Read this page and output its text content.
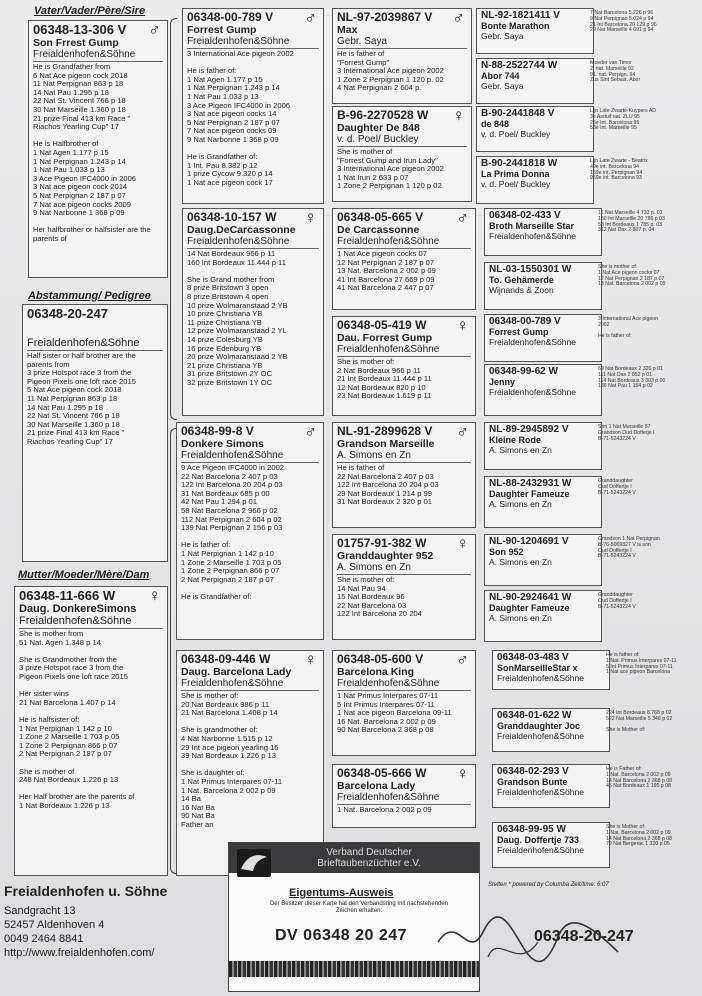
Vater/Vader/Père/Sire
Abstammung/ Pedigree
Mutter/Moeder/Mère/Dam
06348-13-306 V
Son Frrest Gump
Freialdenhofen&Söhne
♂
He is Grandfather from
6 Nat Ace pigeon cock 2018
11 Nat Perpignan 863 p 18
14 Nat Pau 1.295 p 18
22 Nat St. Vincent 766 p 18
30 Nat Marseille 1.360 p 18
21 prize Final 413 km Race "
Riachos Yearling Cup" 17

He is Halfbrother of
1 Nat Agen 1.177 p 15
1 Nat Perpignan 1.243 p 14
1 Nat Pau 1.033 p 13
3 Ace Pigeon IFC4000 in 2006
3 Nat ace pigeon cock 2014
5 Nat Perpignan 2 187 p 07
7 Nat ace pigeon cocks 2009
9 Nat Narbonne 1 368 p 09

Her halfbrother or halfsister are the
parents of
06348-20-247
Freialdenhofen&Söhne
Half sister or half brother are the
parents from
3 prize Hotspot race 3 from the
Pigeon Pixels one loft race 2015
5 Nat Ace pigeon cock 2018
11 Nat Perpignan 863 p 18
14 Nat Pau 1.295 p 18
22 Nat St. Vincent 766 p 18
30 Nat Marseille 1.360 p 18
21 prize Final 413 km Race "
Riachos Yearling Cup" 17
06348-11-666 W
Daug. DonkereSimons
Freialdenhofen&Söhne
♀
She is mother from
51 Nat. Agen 1.348 p 14

She is Grandmother from the
3 prize Hotspot race 3 from the
Pigeon Pixels one loft race 2015

Her sister wins
21 Nat Barcelona 1.407 p 14

He is halfsister of:
1 Nat Perpignan 1 142 p 10
1 Zone 2 Marseille 1 703 p 05
1 Zone 2 Perpignan 866 p 07
2 Nat Perpignan 2 187 p 07

She is mother of
248 Nat Bordeaux 1.226 p 13

Her Half brother are the parents of
1 Nat Bordeaux 1.226 p 13
06348-00-789 V
Forrest Gump
Freialdenhofen&Söhne
♂
3 International Ace pigeon 2002

He is father of:
1 Nat Agen 1.177 p 15
1 Nat Perpignan 1.243 p 14
1 Nat Pau 1.033 p 13
3 Ace Pigeon IFC4000 in 2006
3 Nat ace pigeon cocks 14
5 Nat Perpignan 2 187 p 07
7 Nat ace pigeon cocks 09
9 Nat Narbonne 1 368 p 09

He is Grandfather of:
1 Int. Pau 8.382 p 12
1 prize Cycow 9.320 p 14
1 Nat ace pigeon cock 17
06348-10-157 W
Daug.DeCarcassonne
Freialdenhofen&Söhne
♀
14 Nat Bordeaux 966 p 11
160 Int Bordeaux 11.444 p 11

She is Grand mother from
8 prize Britstown 3 open
8 prize Britstown 4 open
10 prize Wolmaranstaad 2 YB
10 prize Christiana YB
11 prize Christiana YB
12 prize Wolmaranstaad 2 YL
14 prize Colesburg YB
16 prize Edenburg YB
20 prize Wolmaranstaad 2 YB
21 prize Christiana YB
31 prize Britstown 2Y OC
32 prize Britstown 1Y OC
06348-99-8 V
Donkere Simons
Freialdenhofen&Söhne
♂
9 Ace Pigeon IFC4000 in 2002
22 Nat Barcelona 2 407 p 03
122 Int Barcelona 20 204 p 03
31 Nat Bordeaux 685 p 00
42 Nat Pau 1 294 p 01
58 Nat Barcelona 2 966 p 02
112 Nat Perpignan 2 604 p 02
139 Nat Perpignan 2 156 p 03

He is father of:
1 Nat Perpignan 1 142 p 10
1 Zone 2 Marseille 1 703 p 05
1 Zone 2 Perpignan 866 p 07
2 Nat Perpignan 2 187 p 07

He is Grandfather of:
06348-09-446 W
Daug. Barcelona Lady
Freialdenhofen&Söhne
♀
She is mother of:
20 Nat Bordeaux 986 p 11
21 Nat Barcelona 1.408 p 14

She is grandmother of:
4 Nat Narbonne 1.515 p 12
29 Int ace pigeon yearling 16
39 Nat Bordeaux 1.226 p 13

She is daughter of:
1 Nat Primus Interpares 07-11
1 Nat. Barcelona 2 002 p 09
14 Ba
16 Nat Ba
90 Nat Ba
Father an
NL-97-2039867 V
Max
Gebr. Saya
♂
He is father of
"Forrest Gump"
3 International Ace pigeon 2002
1 Zone 2 Perpignan 1 120 p. 02
4 Nat Perpignan 2 604 p.
B-96-2270528 W
Daughter De 848
v. d. Poel/ Buckley
♀
She is mother of
"Forrest Gump and Irun Lady"
3 International Ace pigeon 2002
1 Nat Irun 2 633 p 07
1 Zone 2 Perpignan 1 120 p 02
06348-05-665 V
De Carcassonne
Freialdenhofen&Söhne
♂
1 Nat Ace pigeon cocks 07
12 Nat Perpignan 2 187 p 07
13 Nat. Barcelona 2 002 p 09
41 Int Barcelona 27 669 p 09
41 Nat Barcelona 2 447 p 07
06348-05-419 W
Dau. Forrest Gump
Freialdenhofen&Söhne
♀
She is mother of:
2 Nat Bordeaux 966 p 11
21 Int Bordeaux 11.444 p 11
12 Nat Bordeaux 820 p 10
23 Nat Bordeaux 1.619 p 11
NL-91-2899628 V
Grandson Marseille
A. Simons en Zn
♂
He is father of
22 Nat Barcelona 2 407 p 03
122 Int Barcelona 20 204 p 03
29 Nat Bordeaux 1 214 p 99
31 Nat Bordeaux 2 320 p 01
01757-91-382 W
Granddaughter 952
A. Simons en Zn
♀
She is mother of:
14 Nat Pau 94
15 Nat Bordeaux 96
22 Nat Barcelona 03
122 Int Barcelona 20 204
06348-05-600 V
Barcelona King
Freialdenhofen&Söhne
♂
1 Nat Primus Interpares 07-11
5 Int Primus Interpares 07-11
1 Nat ace pigeon Barcelona 09-11
16 Nat. Barcelona 2 002 p 09
90 Nat Barcelona 2 368 p 08
06348-05-666 W
Barcelona Lady
Freialdenhofen&Söhne
♀
1 Nat. Barcelona 2 002 p 09
NL-92-1821411 V
Bonte Marathon
Gebr. Saya
7 Nat Barcelona 5.226 p 96
9 Nat Perpignan 5.024 p 94
21 Int Barcelona 20 129 p 96
29 Nat Marseille 4 691 p 94
N-88-2522744 W
Abor 744
Gebr. Saya
Moeder van Timor
2. nat. Marseille 92
91. nat. Perpign. 94
Zus Sint Sebast. Abor
B-90-2441848 V
de 848
v. d. Poel/ Buckley
Lijn Late Zwarte-Kuypers AD
3e Asduif nat. ZLU 95
26e Int. Barcelona 95
53e Int. Marseille 95
B-90-2441818 W
La Prima Donna
v. d. Poel/ Buckley
Lijn Late Zwarte - Beatrix
40e int. Barcelona 94
159e int. Perpignan 94
959e int. Barcelona 93
06348-02-433 V
Broth Marseille Star
Freialdenhofen&Söhne
11 Nat Marseille 4 733 p. 03
150 Int Marseille 20 786 p 03
53 Int Bordeaux 1 785 p. 03
312 Nat Dax 2 807 p. 04
NL-03-1550301 W
To. Gehämerde
Wijnands & Zoon
She is mother of:
1 Nat Ace pigeon cocks 07
12 Nat Perpignan 2 187 p 07
13 Nat. Barcelona 2 002 p 09
06348-00-789 V
Forrest Gump
Freialdenhofen&Söhne
3 International Ace pigeon
2002

He is father of:
06348-99-62 W
Jenny
Freialdenhofen&Söhne
69 Nat Bordeaux 2 320 p 01
111 Nat Dax 2 852 p 01
114 Nat Bordeaux 3 303 p 00
136 Nat Pau 1 154 p 02
NL-89-2945892 V
Kleine Rode
A. Simons en Zn
Son 1 Nat Marseille 87
Grandson Oud Dofferje I
B-71-5243224 V
NL-88-2432931 W
Daughter Fameuze
A. Simons en Zn
Granddaughter
Oud Doffertje I
B-71-5243224 V
NL-90-1204691 V
Son 952
A. Simons en Zn
Grandson 1 Nat Perpignan
B-76-5069327 V is son
Oud Doffertje I
B-71-5243224 V
NL-90-2924641 W
Daughter Fameuze
A. Simons en Zn
Granddaughter
Oud Doffertje I
B-71-5243224 V
06348-03-483 V
SonMarseilleStar x
Freialdenhofen&Söhne
He is father of:
1 Nat. Primus Interpares 07-11
5 Int Primus Interpares 07-11
1 Nat ace pigeon Barcelona
06348-01-622 W
Granddaughter Joc
Freialdenhofen&Söhne
224 Int Bordeaux 8.768 p 02
522 Nat Marseille 5 348 p 02

She is Mother of:
06348-02-293 V
Grandson Bunte
Freialdenhofen&Söhne
He is Father of:
1 Nat. Barcelona 2 002 p 09
14 Nat Barcelona 2 368 p 08
45 Nat Bordeaux 1 195 p 08
06348-99-95 W
Daug. Doffertje 733
Freialdenhofen&Söhne
She is Mother of:
1 Nat. Barcelona 2 002 p 09
14 Nat Barcelona 2 368 p 08
79 Nat Bergerac 1 320 p 05
Freialdenhofen u. Söhne
Sandgracht 13
52457 Aldenhoven 4
0049 2464 8841
http://www.freialdenhofen.com/
Verband Deutscher Brieftaubenzüchter e.V.
Eigentums-Ausweis
Der Besitzer dieser Karte hat den Verbandsring mit nachstehenden Zeichen erhalten:
DV 06348 20 247
Stelten * powered by Columba Zeit/time: 6:07
06348-20-247
